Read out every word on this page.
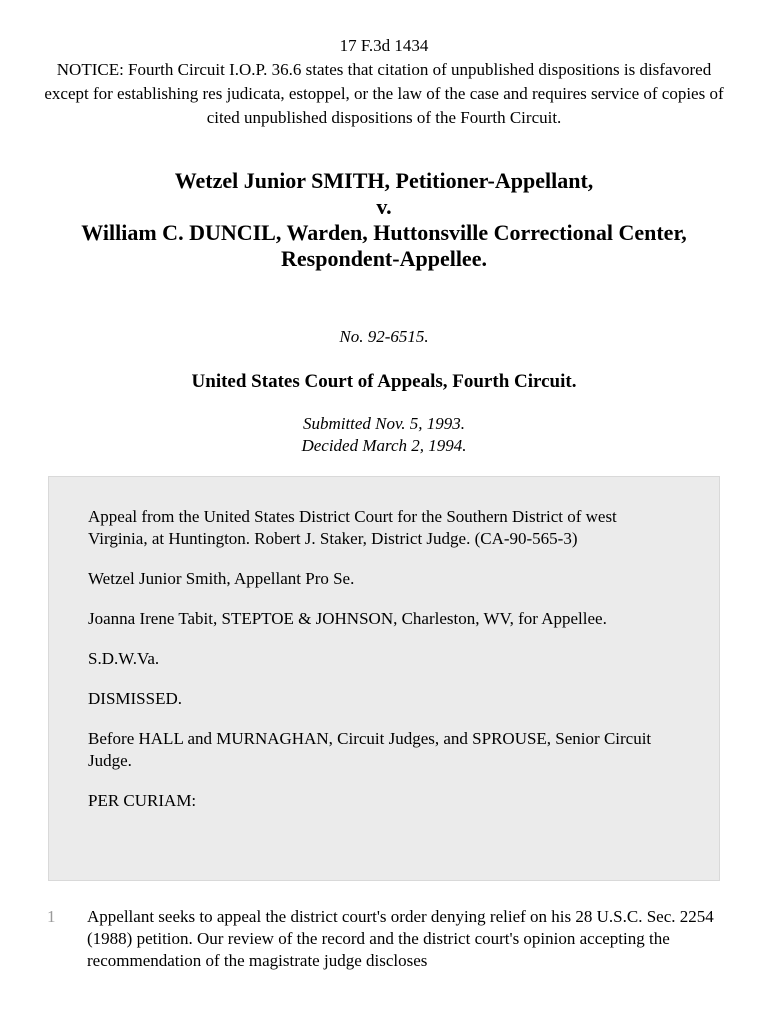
17 F.3d 1434

NOTICE: Fourth Circuit I.O.P. 36.6 states that citation of unpublished dispositions is disfavored except for establishing res judicata, estoppel, or the law of the case and requires service of copies of cited unpublished dispositions of the Fourth Circuit.

Wetzel Junior SMITH, Petitioner-Appellant,
v.
William C. DUNCIL, Warden, Huttonsville Correctional Center,
Respondent-Appellee.
No. 92-6515.
United States Court of Appeals, Fourth Circuit.
Submitted Nov. 5, 1993.
Decided March 2, 1994.

Appeal from the United States District Court for the Southern District of west Virginia, at Huntington. Robert J. Staker, District Judge. (CA-90-565-3)

Wetzel Junior Smith, Appellant Pro Se.

Joanna Irene Tabit, STEPTOE & JOHNSON, Charleston, WV, for Appellee.

S.D.W.Va.

DISMISSED.

Before HALL and MURNAGHAN, Circuit Judges, and SPROUSE, Senior Circuit Judge.

PER CURIAM:

1 Appellant seeks to appeal the district court's order denying relief on his 28 U.S.C. Sec. 2254 (1988) petition. Our review of the record and the district court's opinion accepting the recommendation of the magistrate judge discloses
